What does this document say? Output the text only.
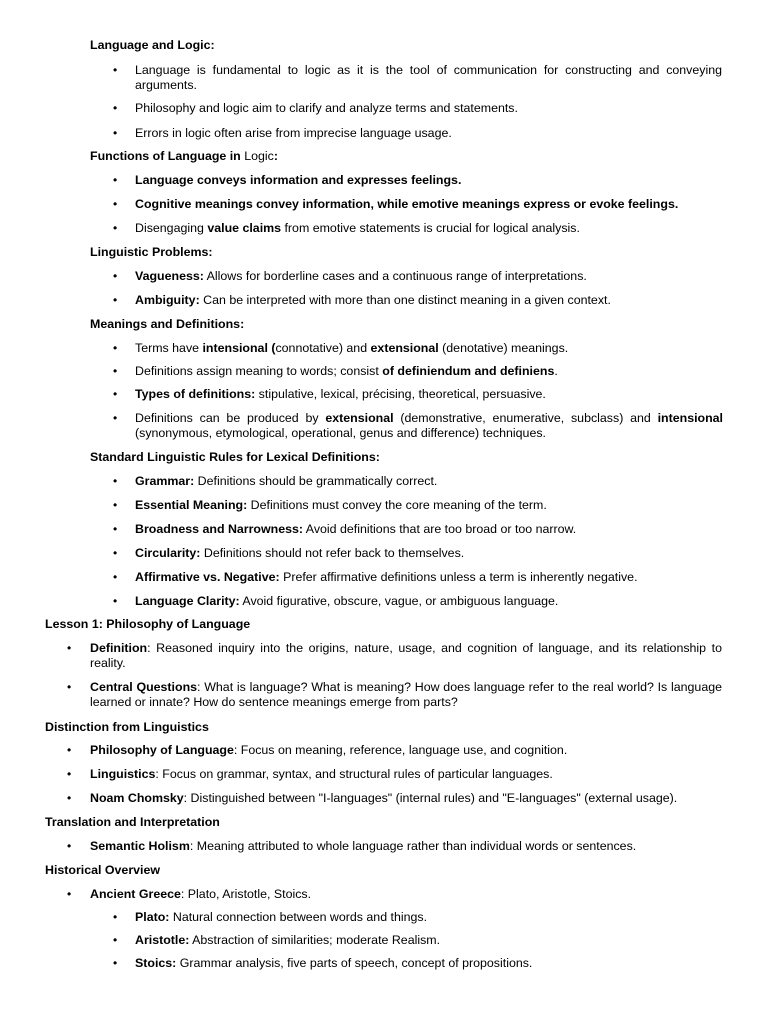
Language and Logic:
• Language is fundamental to logic as it is the tool of communication for constructing and conveying arguments.
• Philosophy and logic aim to clarify and analyze terms and statements.
• Errors in logic often arise from imprecise language usage.
Functions of Language in Logic:
• Language conveys information and expresses feelings.
• Cognitive meanings convey information, while emotive meanings express or evoke feelings.
• Disengaging value claims from emotive statements is crucial for logical analysis.
Linguistic Problems:
• Vagueness: Allows for borderline cases and a continuous range of interpretations.
• Ambiguity: Can be interpreted with more than one distinct meaning in a given context.
Meanings and Definitions:
• Terms have intensional (connotative) and extensional (denotative) meanings.
• Definitions assign meaning to words; consist of definiendum and definiens.
• Types of definitions: stipulative, lexical, précising, theoretical, persuasive.
• Definitions can be produced by extensional (demonstrative, enumerative, subclass) and intensional (synonymous, etymological, operational, genus and difference) techniques.
Standard Linguistic Rules for Lexical Definitions:
• Grammar: Definitions should be grammatically correct.
• Essential Meaning: Definitions must convey the core meaning of the term.
• Broadness and Narrowness: Avoid definitions that are too broad or too narrow.
• Circularity: Definitions should not refer back to themselves.
• Affirmative vs. Negative: Prefer affirmative definitions unless a term is inherently negative.
• Language Clarity: Avoid figurative, obscure, vague, or ambiguous language.
Lesson 1: Philosophy of Language
• Definition: Reasoned inquiry into the origins, nature, usage, and cognition of language, and its relationship to reality.
• Central Questions: What is language? What is meaning? How does language refer to the real world? Is language learned or innate? How do sentence meanings emerge from parts?
Distinction from Linguistics
• Philosophy of Language: Focus on meaning, reference, language use, and cognition.
• Linguistics: Focus on grammar, syntax, and structural rules of particular languages.
• Noam Chomsky: Distinguished between "I-languages" (internal rules) and "E-languages" (external usage).
Translation and Interpretation
• Semantic Holism: Meaning attributed to whole language rather than individual words or sentences.
Historical Overview
• Ancient Greece: Plato, Aristotle, Stoics.
• Plato: Natural connection between words and things.
• Aristotle: Abstraction of similarities; moderate Realism.
• Stoics: Grammar analysis, five parts of speech, concept of propositions.
